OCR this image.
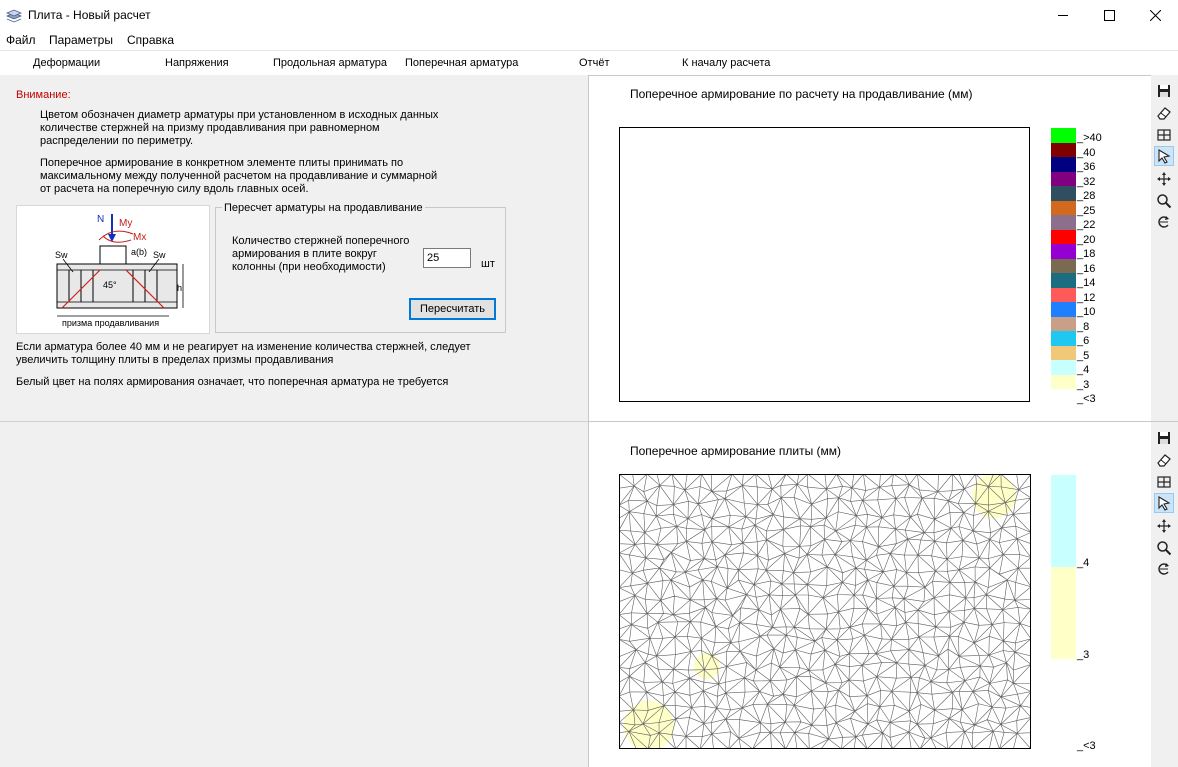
Плита - Новый расчет
Файл Параметры Справка
Деформации	Напряжения	Продольная арматура Поперечная арматура	Отчёт	К началу расчета
Внимание:
Цветом обозначен диаметр арматуры при установленном в исходных данных количестве стержней на призму продавливания при равномерном распределении по периметру.
Поперечное армирование в конкретном элементе плиты принимать по максимальному между полученной расчетом на продавливание и суммарной от расчета на поперечную силу вдоль главных осей.
N My
Mx
a(b)
Sw	Sw
45°	h
призма продавливания
Пересчет арматуры на продавливание
Количество стержней поперечного армирования в плите вокруг колонны (при необходимости)
25	шт
Пересчитать
Если арматура более 40 мм и не реагирует на изменение количества стержней, следует увеличить толщину плиты в пределах призмы продавливания
Белый цвет на полях армирования означает, что поперечная арматура не требуется
Поперечное армирование по расчету на продавливание (мм)
_>40
_40
_36
_32
_28
_25
_22
_20
_18
_16
_14
_12
_10
_8
_6
_5
_4
_3
_<3
Поперечное армирование плиты (мм)
_4
_3
_<3
